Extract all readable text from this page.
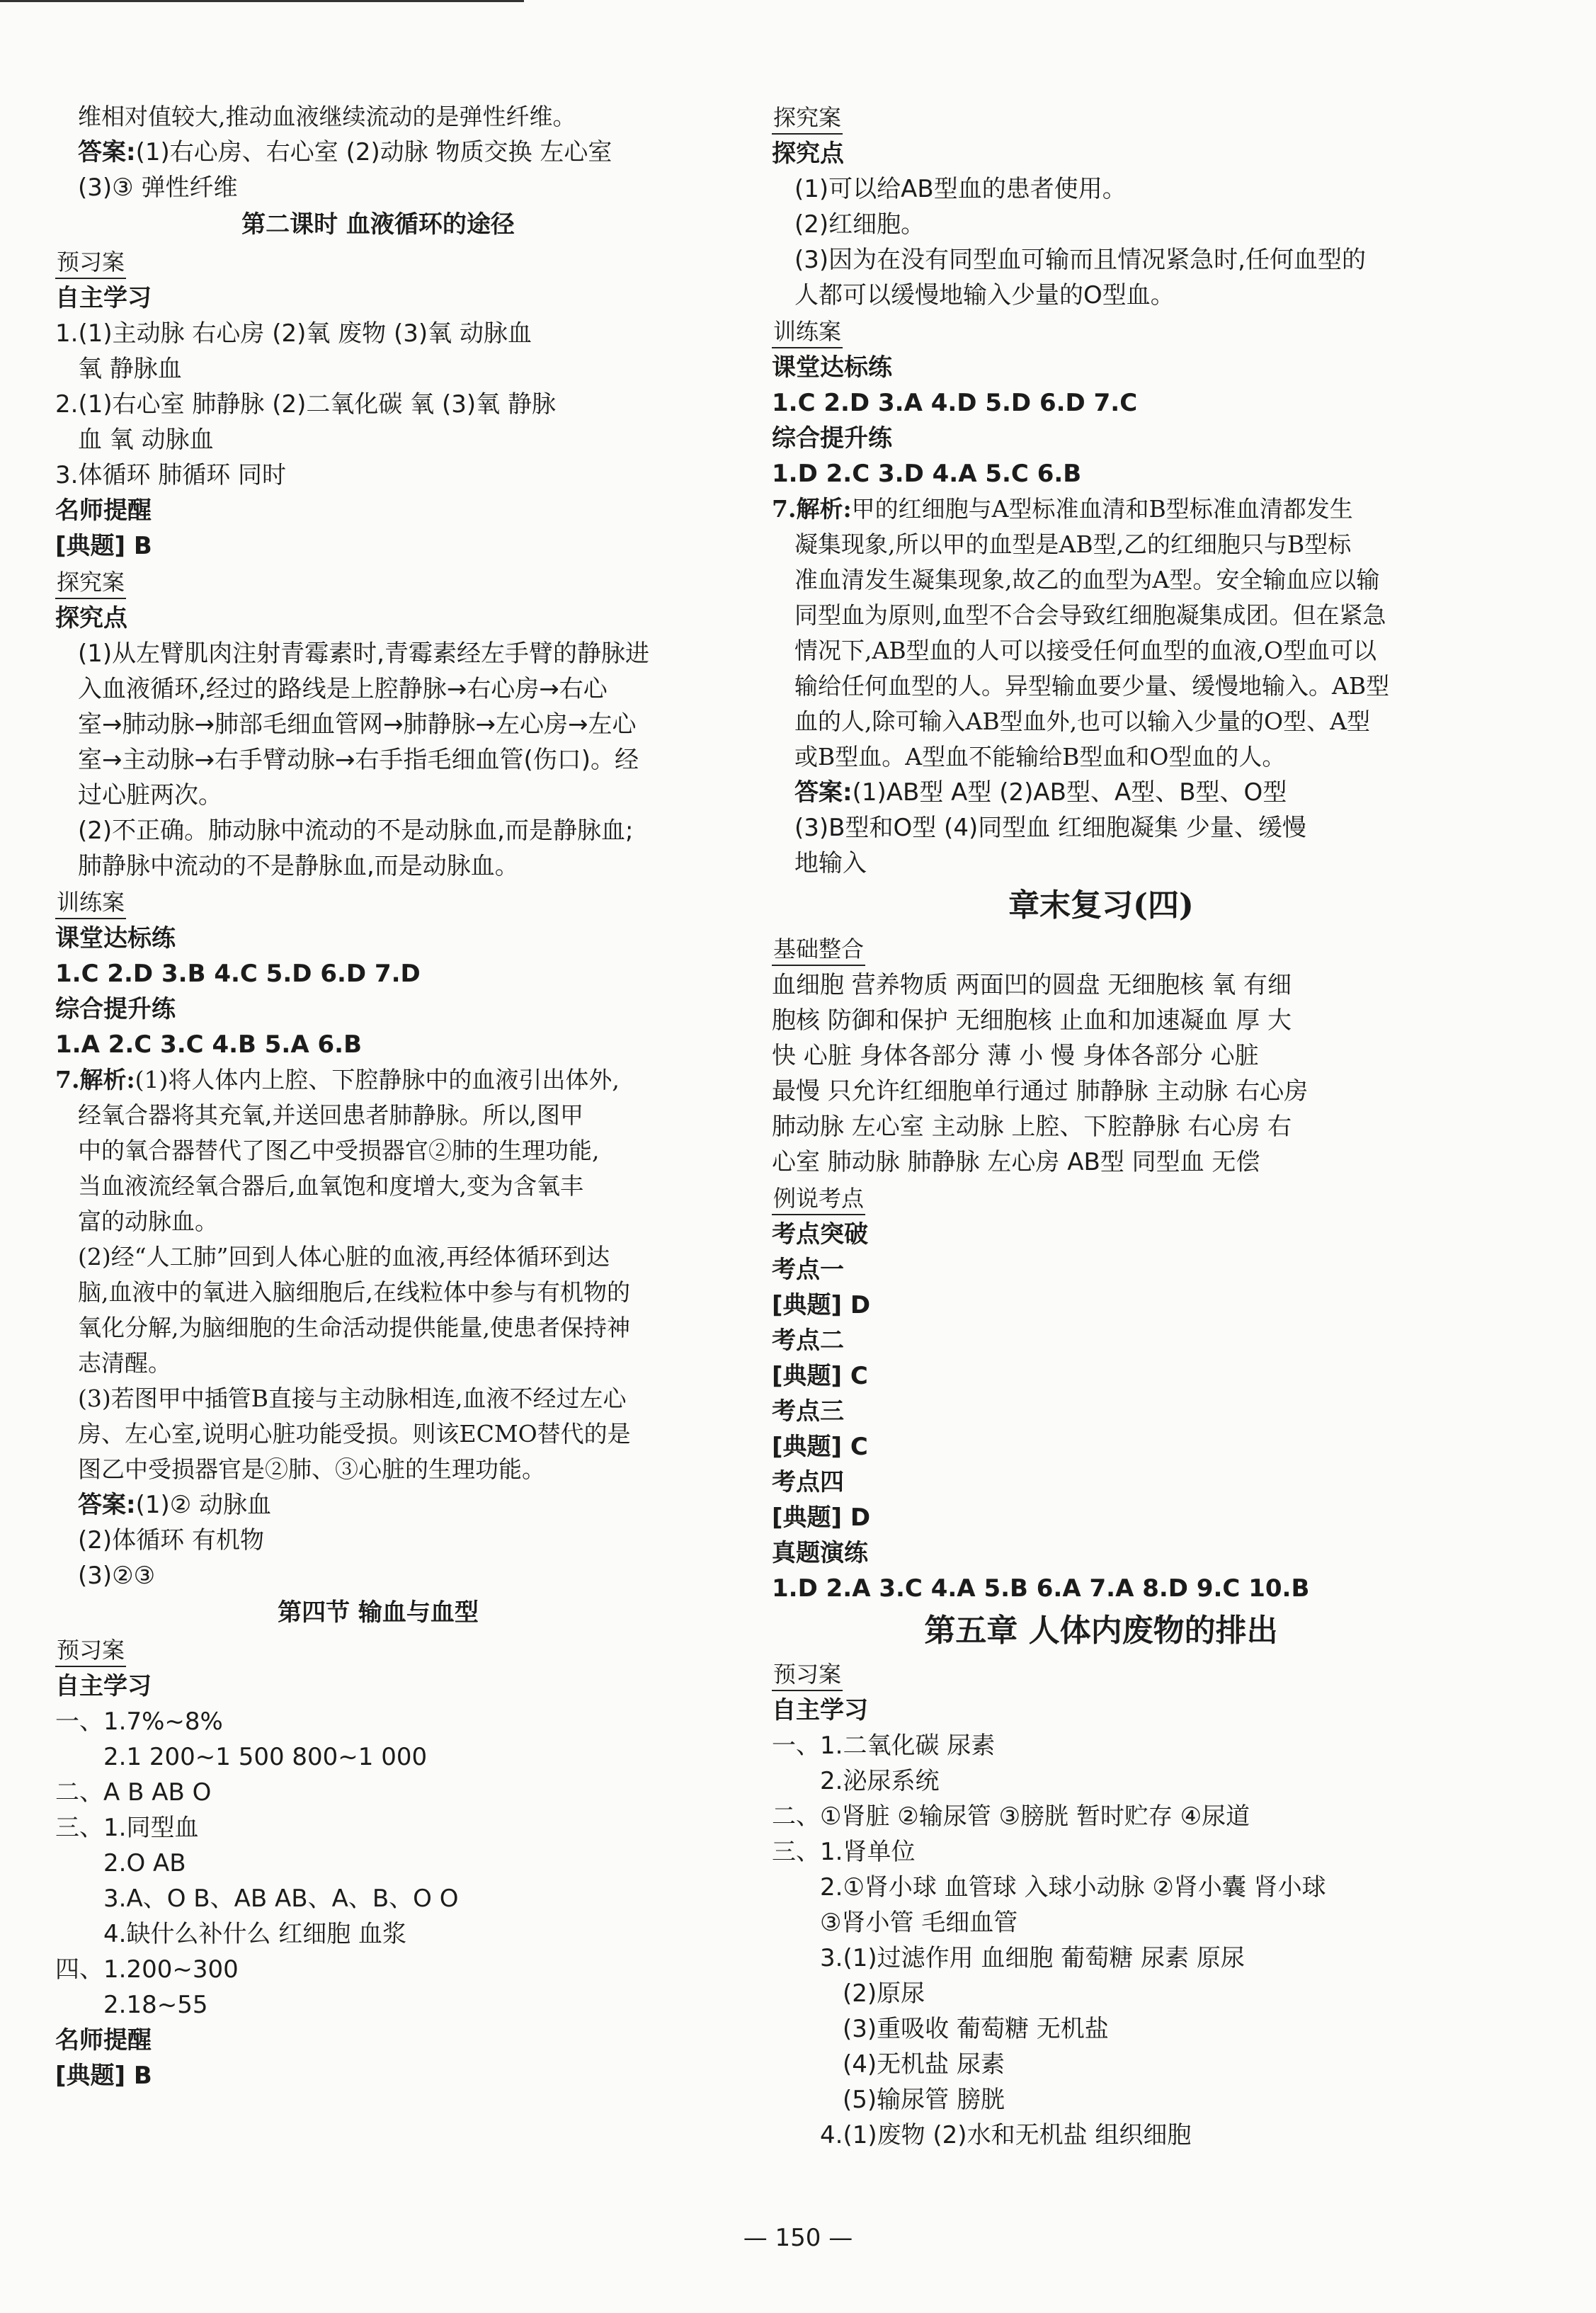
维相对值较大,推动血液继续流动的是弹性纤维。
答案:(1)右心房、右心室 (2)动脉 物质交换 左心室
(3)③ 弹性纤维
第二课时 血液循环的途径
预习案
自主学习
1.(1)主动脉 右心房 (2)氧 废物 (3)氧 动脉血
氧 静脉血
2.(1)右心室 肺静脉 (2)二氧化碳 氧 (3)氧 静脉
血 氧 动脉血
3.体循环 肺循环 同时
名师提醒
[典题] B
探究案
探究点
(1)从左臂肌肉注射青霉素时,青霉素经左手臂的静脉进
入血液循环,经过的路线是上腔静脉→右心房→右心
室→肺动脉→肺部毛细血管网→肺静脉→左心房→左心
室→主动脉→右手臂动脉→右手指毛细血管(伤口)。经
过心脏两次。
(2)不正确。肺动脉中流动的不是动脉血,而是静脉血;
肺静脉中流动的不是静脉血,而是动脉血。
训练案
课堂达标练
1.C 2.D 3.B 4.C 5.D 6.D 7.D
综合提升练
1.A 2.C 3.C 4.B 5.A 6.B
7.解析:(1)将人体内上腔、下腔静脉中的血液引出体外,
经氧合器将其充氧,并送回患者肺静脉。所以,图甲
中的氧合器替代了图乙中受损器官②肺的生理功能,
当血液流经氧合器后,血氧饱和度增大,变为含氧丰
富的动脉血。
(2)经“人工肺”回到人体心脏的血液,再经体循环到达
脑,血液中的氧进入脑细胞后,在线粒体中参与有机物的
氧化分解,为脑细胞的生命活动提供能量,使患者保持神
志清醒。
(3)若图甲中插管B直接与主动脉相连,血液不经过左心
房、左心室,说明心脏功能受损。则该ECMO替代的是
图乙中受损器官是②肺、③心脏的生理功能。
答案:(1)② 动脉血
(2)体循环 有机物
(3)②③
第四节 输血与血型
预习案
自主学习
一、1.7%~8%
2.1 200~1 500 800~1 000
二、A B AB O
三、1.同型血
2.O AB
3.A、O B、AB AB、A、B、O O
4.缺什么补什么 红细胞 血浆
四、1.200~300
2.18~55
名师提醒
[典题] B
探究案
探究点
(1)可以给AB型血的患者使用。
(2)红细胞。
(3)因为在没有同型血可输而且情况紧急时,任何血型的
人都可以缓慢地输入少量的O型血。
训练案
课堂达标练
1.C 2.D 3.A 4.D 5.D 6.D 7.C
综合提升练
1.D 2.C 3.D 4.A 5.C 6.B
7.解析:甲的红细胞与A型标准血清和B型标准血清都发生
凝集现象,所以甲的血型是AB型,乙的红细胞只与B型标
准血清发生凝集现象,故乙的血型为A型。安全输血应以输
同型血为原则,血型不合会导致红细胞凝集成团。但在紧急
情况下,AB型血的人可以接受任何血型的血液,O型血可以
输给任何血型的人。异型输血要少量、缓慢地输入。AB型
血的人,除可输入AB型血外,也可以输入少量的O型、A型
或B型血。A型血不能输给B型血和O型血的人。
答案:(1)AB型 A型 (2)AB型、A型、B型、O型
(3)B型和O型 (4)同型血 红细胞凝集 少量、缓慢
地输入
章末复习(四)
基础整合
血细胞 营养物质 两面凹的圆盘 无细胞核 氧 有细
胞核 防御和保护 无细胞核 止血和加速凝血 厚 大
快 心脏 身体各部分 薄 小 慢 身体各部分 心脏
最慢 只允许红细胞单行通过 肺静脉 主动脉 右心房
肺动脉 左心室 主动脉 上腔、下腔静脉 右心房 右
心室 肺动脉 肺静脉 左心房 AB型 同型血 无偿
例说考点
考点突破
考点一
[典题] D
考点二
[典题] C
考点三
[典题] C
考点四
[典题] D
真题演练
1.D 2.A 3.C 4.A 5.B 6.A 7.A 8.D 9.C 10.B
第五章 人体内废物的排出
预习案
自主学习
一、1.二氧化碳 尿素
2.泌尿系统
二、①肾脏 ②输尿管 ③膀胱 暂时贮存 ④尿道
三、1.肾单位
2.①肾小球 血管球 入球小动脉 ②肾小囊 肾小球
③肾小管 毛细血管
3.(1)过滤作用 血细胞 葡萄糖 尿素 原尿
(2)原尿
(3)重吸收 葡萄糖 无机盐
(4)无机盐 尿素
(5)输尿管 膀胱
4.(1)废物 (2)水和无机盐 组织细胞
— 150 —
